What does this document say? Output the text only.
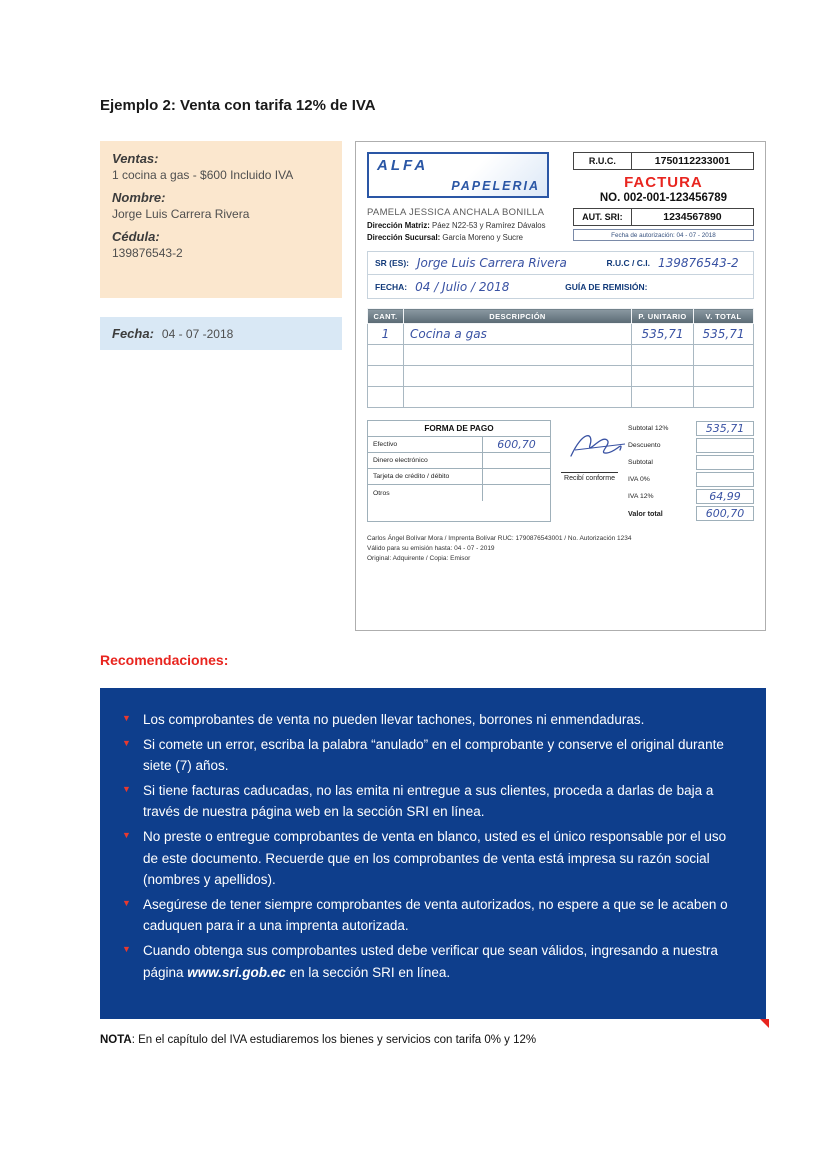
Ejemplo 2: Venta con tarifa 12% de IVA
Ventas:
1 cocina a gas - $600 Incluido IVA
Nombre:
Jorge Luis Carrera Rivera
Cédula:
139876543-2
Fecha: 04 - 07 -2018
ALFA
PAPELERIA
PAMELA JESSICA ANCHALA BONILLA
Dirección Matriz: Páez N22-53 y Ramírez Dávalos
Dirección Sucursal: García Moreno y Sucre
R.U.C.	1750112233001
FACTURA
NO. 002-001-123456789
AUT. SRI:	1234567890
Fecha de autorización: 04 - 07 - 2018
SR (ES): Jorge Luis Carrera Rivera	R.U.C / C.I. 139876543-2
FECHA: 04 / Julio / 2018	GUÍA DE REMISIÓN:
CANT.	DESCRIPCIÓN	P. UNITARIO	V. TOTAL
1	Cocina a gas	535,71	535,71

FORMA DE PAGO
Efectivo	600,70
Dinero electrónico
Tarjeta de crédito / débito
Otros
Recibí conforme
Subtotal 12%	535,71
Descuento
Subtotal
IVA 0%
IVA 12%	64,99
Valor total	600,70
Carlos Ángel Bolívar Mora / Imprenta Bolívar RUC: 1790876543001 / No. Autorización 1234
Válido para su emisión hasta: 04 - 07 - 2019
Original: Adquirente / Copia: Emisor
Recomendaciones:
▼ Los comprobantes de venta no pueden llevar tachones, borrones ni enmendaduras.
▼ Si comete un error, escriba la palabra “anulado” en el comprobante y conserve el original durante siete (7) años.
▼ Si tiene facturas caducadas, no las emita ni entregue a sus clientes, proceda a darlas de baja a través de nuestra página web en la sección SRI en línea.
▼ No preste o entregue comprobantes de venta en blanco, usted es el único responsable por el uso de este documento. Recuerde que en los comprobantes de venta está impresa su razón social (nombres y apellidos).
▼ Asegúrese de tener siempre comprobantes de venta autorizados, no espere a que se le acaben o caduquen para ir a una imprenta autorizada.
▼ Cuando obtenga sus comprobantes usted debe verificar que sean válidos, ingresando a nuestra página www.sri.gob.ec en la sección SRI en línea.
NOTA: En el capítulo del IVA estudiaremos los bienes y servicios con tarifa 0% y 12%
